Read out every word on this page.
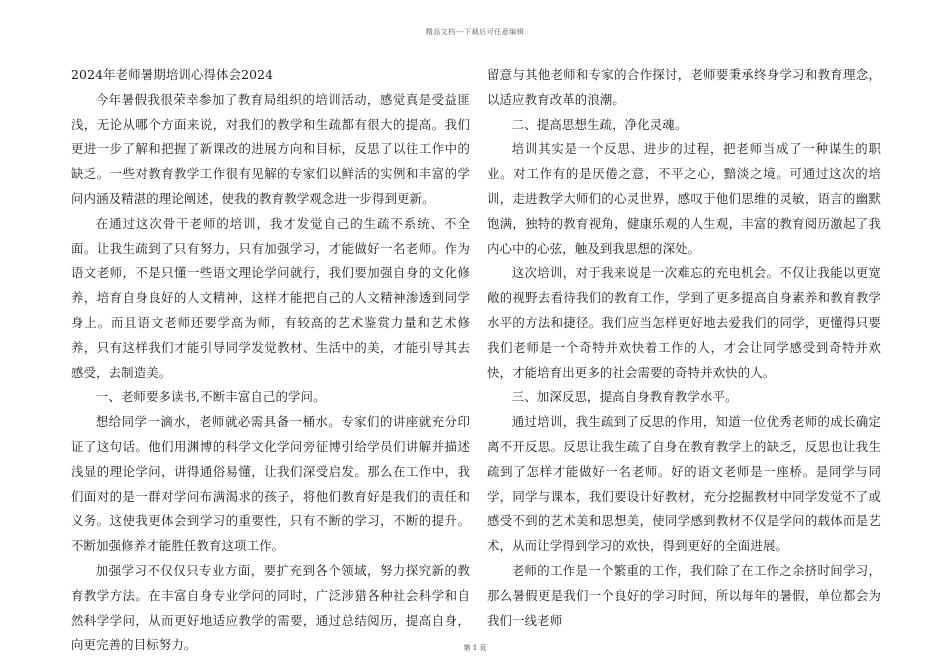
精品文档---下载后可任意编辑

2024年老师暑期培训心得体会2024

今年暑假我很荣幸参加了教育局组织的培训活动，感觉真是受益匪浅，无论从哪个方面来说，对我们的教学和生疏都有很大的提高。我们更进一步了解和把握了新课改的进展方向和目标，反思了以往工作中的缺乏。一些对教育教学工作很有见解的专家们以鲜活的实例和丰富的学问内涵及精湛的理论阐述，使我的教育教学观念进一步得到更新。

在通过这次骨干老师的培训，我才发觉自己的生疏不系统、不全面。让我生疏到了只有努力，只有加强学习，才能做好一名老师。作为语文老师，不是只懂一些语文理论学问就行，我们要加强自身的文化修养，培育自身良好的人文精神，这样才能把自己的人文精神渗透到同学身上。而且语文老师还要学高为师，有较高的艺术鉴赏力量和艺术修养，只有这样我们才能引导同学发觉教材、生活中的美，才能引导其去感受，去制造美。

一、老师要多读书,不断丰富自己的学问。

想给同学一滴水，老师就必需具备一桶水。专家们的讲座就充分印证了这句话。他们用渊博的科学文化学问旁征博引给学员们讲解并描述浅显的理论学问，讲得通俗易懂，让我们深受启发。那么在工作中，我们面对的是一群对学问布满渴求的孩子，将他们教育好是我们的责任和义务。这使我更体会到学习的重要性，只有不断的学习，不断的提升。不断加强修养才能胜任教育这项工作。

加强学习不仅仅只专业方面，要扩充到各个领域，努力探究新的教育教学方法。在丰富自身专业学问的同时，广泛涉猎各种社会科学和自然科学学问，从而更好地适应教学的需要，通过总结阅历，提高自身，向更完善的目标努力。

留意与其他老师和专家的合作探讨，老师要秉承终身学习和教育理念，以适应教育改革的浪潮。

二、提高思想生疏，净化灵魂。

培训其实是一个反思、进步的过程，把老师当成了一种谋生的职业。对工作有的是厌倦之意，不平之心，黯淡之境。可通过这次的培训，走进教学大师们的心灵世界，感叹于他们思维的灵敏，语言的幽默饱满，独特的教育视角，健康乐观的人生观，丰富的教育阅历激起了我内心中的心弦，触及到我思想的深处。

这次培训，对于我来说是一次难忘的充电机会。不仅让我能以更宽敞的视野去看待我们的教育工作，学到了更多提高自身素养和教育教学水平的方法和捷径。我们应当怎样更好地去爱我们的同学，更懂得只要我们老师是一个奇特并欢快着工作的人，才会让同学感受到奇特并欢快，才能培育出更多的社会需要的奇特并欢快的人。

三、加深反思，提高自身教育教学水平。

通过培训，我生疏到了反思的作用，知道一位优秀老师的成长确定离不开反思。反思让我生疏了自身在教育教学上的缺乏，反思也让我生疏到了怎样才能做好一名老师。好的语文老师是一座桥。是同学与同学，同学与课本，我们要设计好教材，充分挖掘教材中同学发觉不了或感受不到的艺术美和思想美，使同学感到教材不仅是学问的载体而是艺术，从而让学得到学习的欢快，得到更好的全面进展。

老师的工作是一个繁重的工作，我们除了在工作之余挤时间学习，那么暑假更是我们一个良好的学习时间，所以每年的暑假，单位都会为我们一线老师

第 1 页
